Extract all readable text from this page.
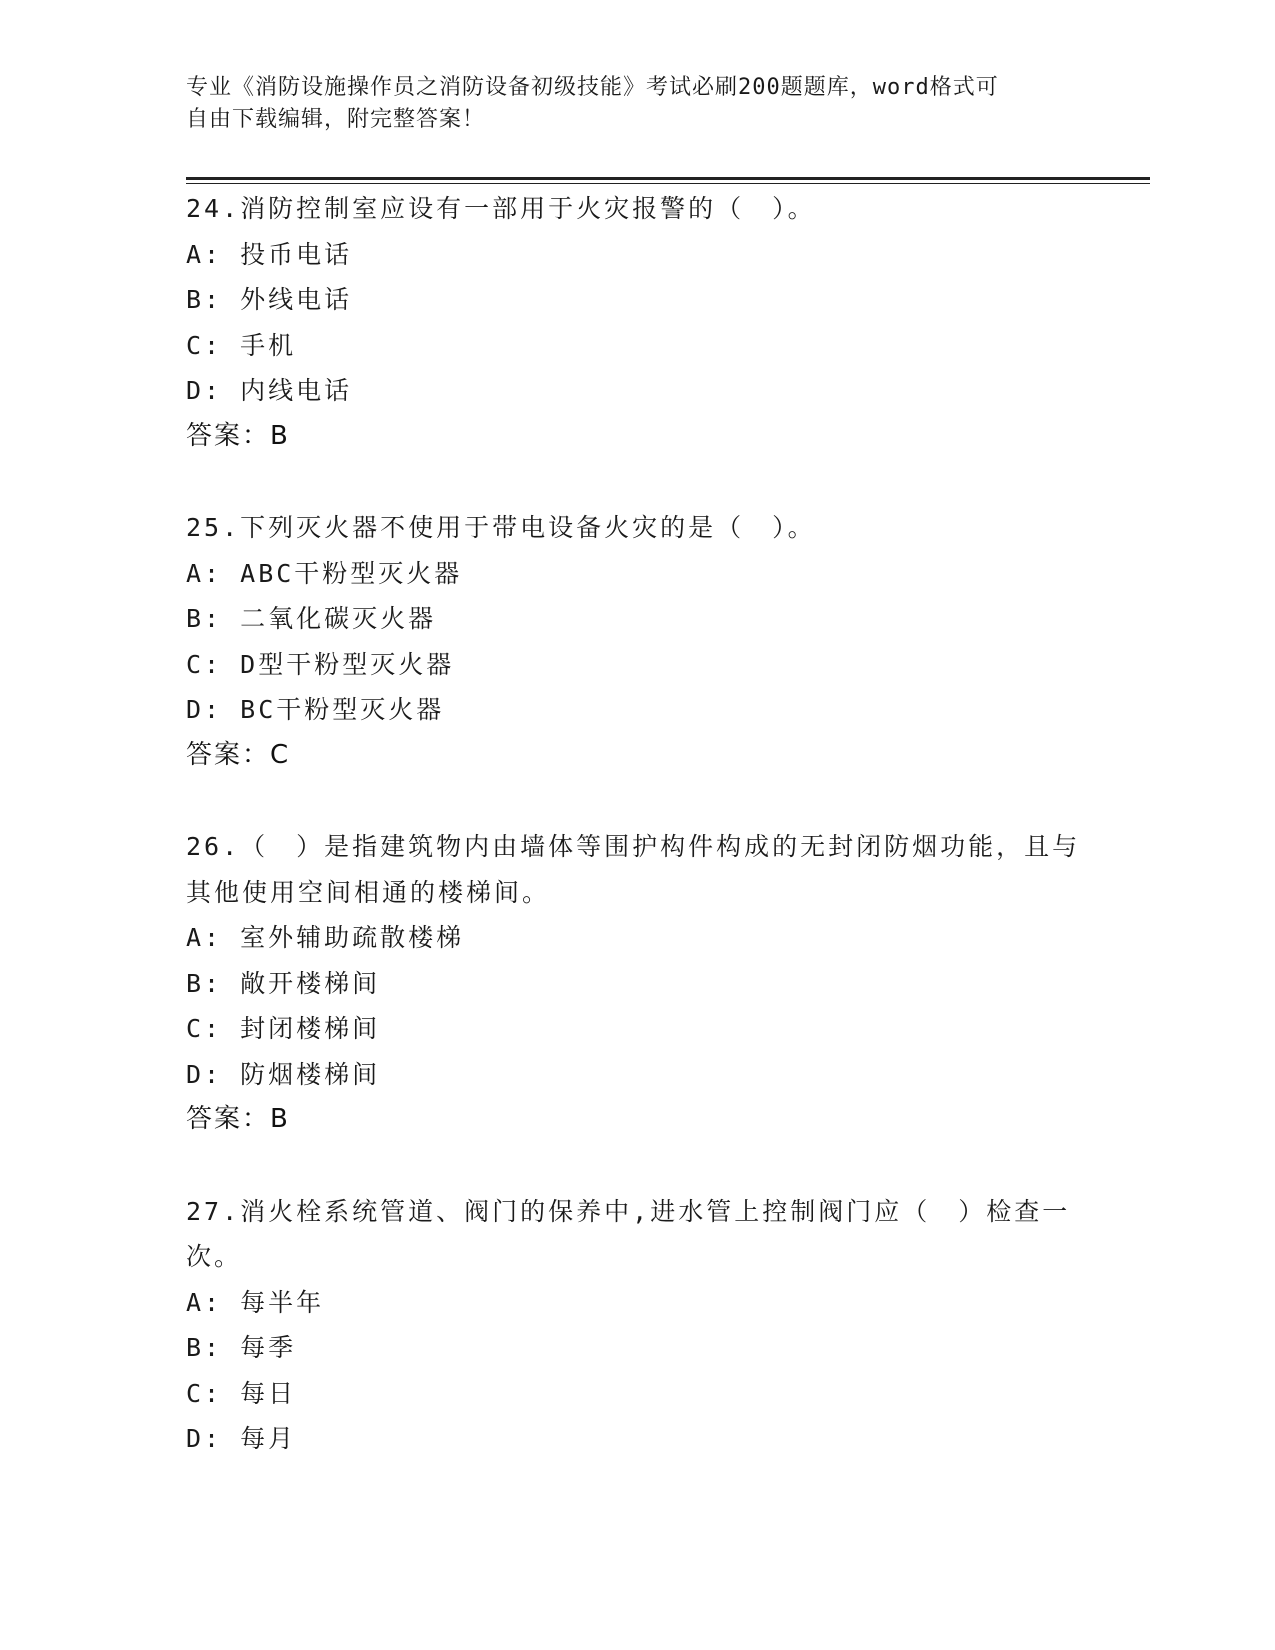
专业《消防设施操作员之消防设备初级技能》考试必刷200题题库，word格式可
自由下载编辑，附完整答案！

24.消防控制室应设有一部用于火灾报警的（　）。

A: 投币电话

B: 外线电话

C: 手机

D: 内线电话

答案：B

25.下列灭火器不使用于带电设备火灾的是（　）。

A: ABC干粉型灭火器

B: 二氧化碳灭火器

C: D型干粉型灭火器

D: BC干粉型灭火器

答案：C

26.（　）是指建筑物内由墙体等围护构件构成的无封闭防烟功能，且与其他使用空间相通的楼梯间。

A: 室外辅助疏散楼梯

B: 敞开楼梯间

C: 封闭楼梯间

D: 防烟楼梯间

答案：B

27.消火栓系统管道、阀门的保养中,进水管上控制阀门应（　）检查一次。

A: 每半年

B: 每季

C: 每日

D: 每月
